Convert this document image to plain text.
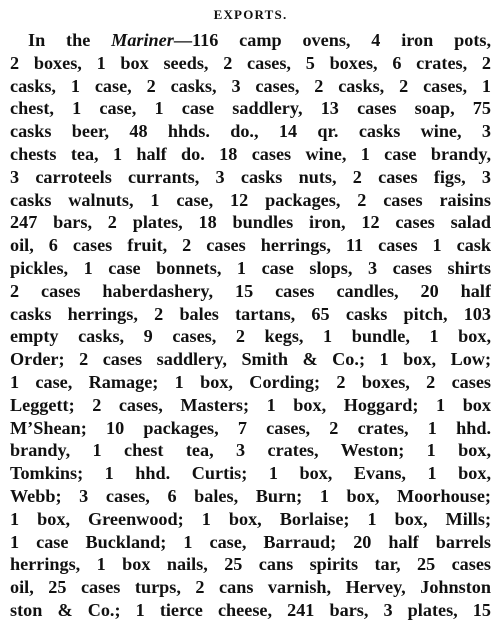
EXPORTS.
In the Mariner—116 camp ovens, 4 iron pots,
2 boxes, 1 box seeds, 2 cases, 5 boxes, 6 crates, 2
casks, 1 case, 2 casks, 3 cases, 2 casks, 2 cases, 1
chest, 1 case, 1 case saddlery, 13 cases soap, 75
casks beer, 48 hhds. do., 14 qr. casks wine, 3
chests tea, 1 half do. 18 cases wine, 1 case brandy,
3 carroteels currants, 3 casks nuts, 2 cases figs, 3
casks walnuts, 1 case, 12 packages, 2 cases raisins
247 bars, 2 plates, 18 bundles iron, 12 cases salad
oil, 6 cases fruit, 2 cases herrings, 11 cases 1 cask
pickles, 1 case bonnets, 1 case slops, 3 cases shirts
2 cases haberdashery, 15 cases candles, 20 half
casks herrings, 2 bales tartans, 65 casks pitch, 103
empty casks, 9 cases, 2 kegs, 1 bundle, 1 box,
Order; 2 cases saddlery, Smith & Co.; 1 box, Low;
1 case, Ramage; 1 box, Cording; 2 boxes, 2 cases
Leggett; 2 cases, Masters; 1 box, Hoggard; 1 box
M’Shean; 10 packages, 7 cases, 2 crates, 1 hhd.
brandy, 1 chest tea, 3 crates, Weston; 1 box,
Tomkins; 1 hhd. Curtis; 1 box, Evans, 1 box,
Webb; 3 cases, 6 bales, Burn; 1 box, Moorhouse;
1 box, Greenwood; 1 box, Borlaise; 1 box, Mills;
1 case Buckland; 1 case, Barraud; 20 half barrels
herrings, 1 box nails, 25 cans spirits tar, 25 cases
oil, 25 cases turps, 2 cans varnish, Hervey, Johnston
ston & Co.; 1 tierce cheese, 241 bars, 3 plates, 15
